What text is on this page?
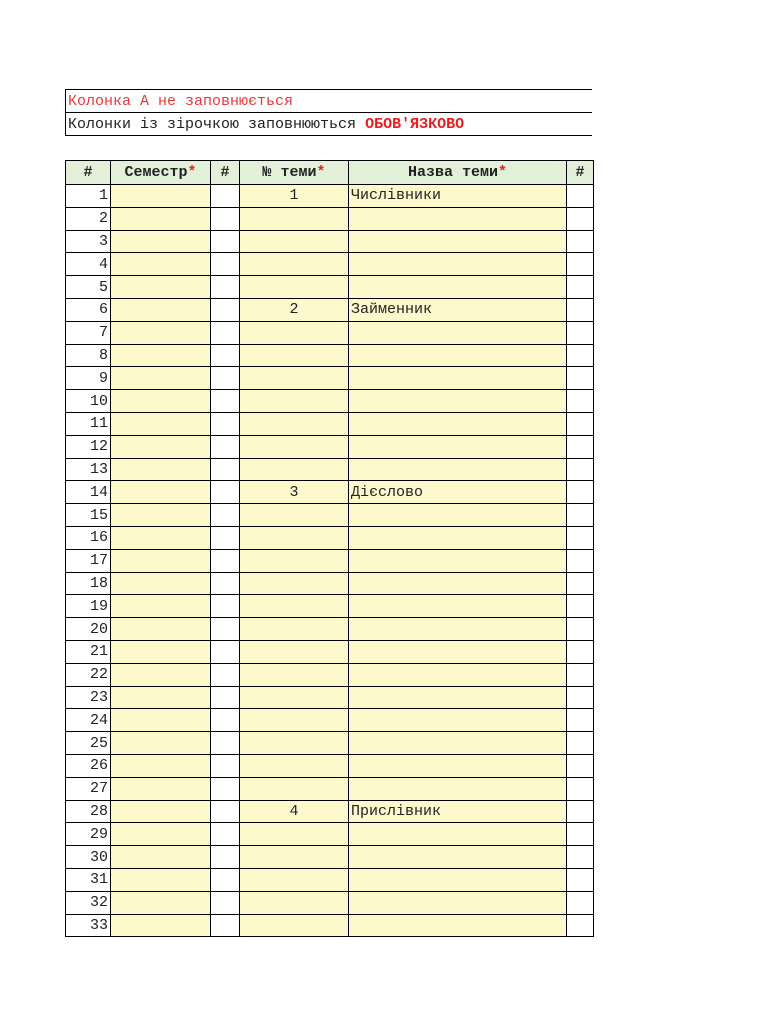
Колонка А не заповнюється
Колонки із зірочкою заповнюються ОБОВ'ЯЗКОВО
#	Семестр*	#	№ теми*	Назва теми*	#
1			1	Числівники	
2					
3					
4					
5					
6			2	Займенник	
7					
8					
9					
10					
11					
12					
13					
14			3	Дієслово	
15					
16					
17					
18					
19					
20					
21					
22					
23					
24					
25					
26					
27					
28			4	Прислівник	
29					
30					
31					
32					
33					
